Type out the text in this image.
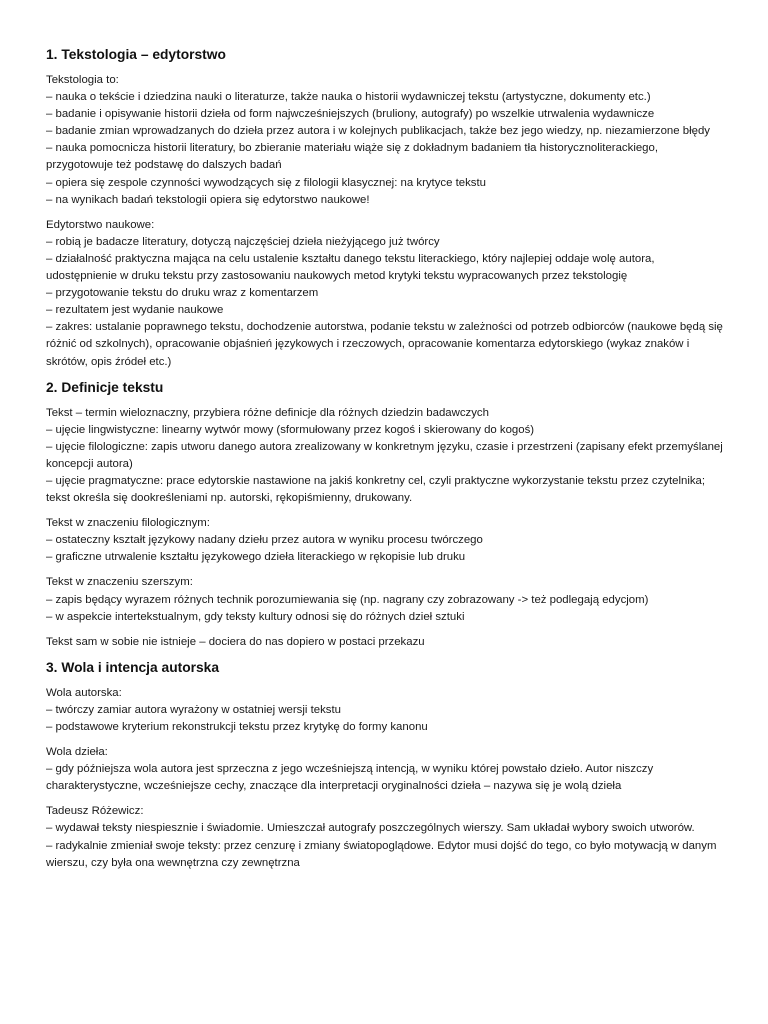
1. Tekstologia – edytorstwo
Tekstologia to:
– nauka o tekście i dziedzina nauki o literaturze, także nauka o historii wydawniczej tekstu (artystyczne, dokumenty etc.)
– badanie i opisywanie historii dzieła od form najwcześniejszych (bruliony, autografy) po wszelkie utrwalenia wydawnicze
– badanie zmian wprowadzanych do dzieła przez autora i w kolejnych publikacjach, także bez jego wiedzy, np. niezamierzone błędy
– nauka pomocnicza historii literatury, bo zbieranie materiału wiąże się z dokładnym badaniem tła historycznoliterackiego, przygotowuje też podstawę do dalszych badań
– opiera się zespole czynności wywodzących się z filologii klasycznej: na krytyce tekstu
– na wynikach badań tekstologii opiera się edytorstwo naukowe!
Edytorstwo naukowe:
– robią je badacze literatury, dotyczą najczęściej dzieła nieżyjącego już twórcy
– działalność praktyczna mająca na celu ustalenie kształtu danego tekstu literackiego, który najlepiej oddaje wolę autora, udostępnienie w druku tekstu przy zastosowaniu naukowych metod krytyki tekstu wypracowanych przez tekstologię
– przygotowanie tekstu do druku wraz z komentarzem
– rezultatem jest wydanie naukowe
– zakres: ustalanie poprawnego tekstu, dochodzenie autorstwa, podanie tekstu w zależności od potrzeb odbiorców (naukowe będą się różnić od szkolnych), opracowanie objaśnień językowych i rzeczowych, opracowanie komentarza edytorskiego (wykaz znaków i skrótów, opis źródeł etc.)
2. Definicje tekstu
Tekst – termin wieloznaczny, przybiera różne definicje dla różnych dziedzin badawczych
– ujęcie lingwistyczne: linearny wytwór mowy (sformułowany przez kogoś i skierowany do kogoś)
– ujęcie filologiczne: zapis utworu danego autora zrealizowany w konkretnym języku, czasie i przestrzeni (zapisany efekt przemyślanej koncepcji autora)
– ujęcie pragmatyczne: prace edytorskie nastawione na jakiś konkretny cel, czyli praktyczne wykorzystanie tekstu przez czytelnika; tekst określa się dookreśleniami np. autorski, rękopiśmienny, drukowany.
Tekst w znaczeniu filologicznym:
– ostateczny kształt językowy nadany dziełu przez autora w wyniku procesu twórczego
– graficzne utrwalenie kształtu językowego dzieła literackiego w rękopisie lub druku
Tekst w znaczeniu szerszym:
– zapis będący wyrazem różnych technik porozumiewania się (np. nagrany czy zobrazowany -> też podlegają edycjom)
– w aspekcie intertekstualnym, gdy teksty kultury odnosi się do różnych dzieł sztuki
Tekst sam w sobie nie istnieje – dociera do nas dopiero w postaci przekazu
3. Wola i intencja autorska
Wola autorska:
– twórczy zamiar autora wyrażony w ostatniej wersji tekstu
– podstawowe kryterium rekonstrukcji tekstu przez krytykę do formy kanonu
Wola dzieła:
– gdy późniejsza wola autora jest sprzeczna z jego wcześniejszą intencją, w wyniku której powstało dzieło. Autor niszczy charakterystyczne, wcześniejsze cechy, znaczące dla interpretacji oryginalności dzieła – nazywa się je wolą dzieła
Tadeusz Różewicz:
– wydawał teksty niespiesznie i świadomie. Umieszczał autografy poszczególnych wierszy. Sam układał wybory swoich utworów.
– radykalnie zmieniał swoje teksty: przez cenzurę i zmiany światopoglądowe. Edytor musi dojść do tego, co było motywacją w danym wierszu, czy była ona wewnętrzna czy zewnętrzna
